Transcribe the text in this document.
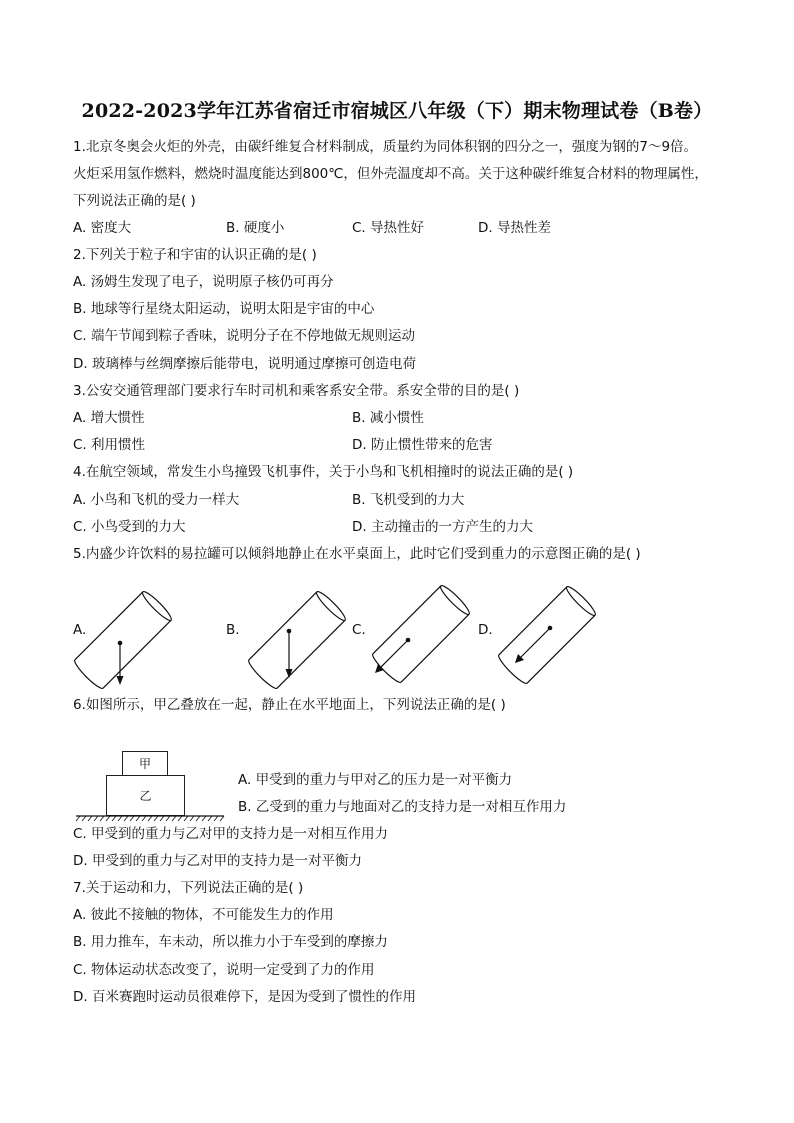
2022-2023学年江苏省宿迁市宿城区八年级（下）期末物理试卷（B卷）
1.北京冬奥会火炬的外壳，由碳纤维复合材料制成，质量约为同体积钢的四分之一，强度为钢的7～9倍。
火炬采用氢作燃料，燃烧时温度能达到800℃，但外壳温度却不高。关于这种碳纤维复合材料的物理属性，
下列说法正确的是( )
A. 密度大	B. 硬度小	C. 导热性好	D. 导热性差
2.下列关于粒子和宇宙的认识正确的是( )
A. 汤姆生发现了电子，说明原子核仍可再分
B. 地球等行星绕太阳运动，说明太阳是宇宙的中心
C. 端午节闻到粽子香味，说明分子在不停地做无规则运动
D. 玻璃棒与丝绸摩擦后能带电，说明通过摩擦可创造电荷
3.公安交通管理部门要求行车时司机和乘客系安全带。系安全带的目的是( )
A. 增大惯性	B. 减小惯性
C. 利用惯性	D. 防止惯性带来的危害
4.在航空领域，常发生小鸟撞毁飞机事件，关于小鸟和飞机相撞时的说法正确的是( )
A. 小鸟和飞机的受力一样大	B. 飞机受到的力大
C. 小鸟受到的力大	D. 主动撞击的一方产生的力大
5.内盛少许饮料的易拉罐可以倾斜地静止在水平桌面上，此时它们受到重力的示意图正确的是( )
A.	B.	C.	D.
6.如图所示，甲乙叠放在一起，静止在水平地面上，下列说法正确的是( )
甲
乙
A. 甲受到的重力与甲对乙的压力是一对平衡力
B. 乙受到的重力与地面对乙的支持力是一对相互作用力
C. 甲受到的重力与乙对甲的支持力是一对相互作用力
D. 甲受到的重力与乙对甲的支持力是一对平衡力
7.关于运动和力，下列说法正确的是( )
A. 彼此不接触的物体，不可能发生力的作用
B. 用力推车，车未动，所以推力小于车受到的摩擦力
C. 物体运动状态改变了，说明一定受到了力的作用
D. 百米赛跑时运动员很难停下，是因为受到了惯性的作用
